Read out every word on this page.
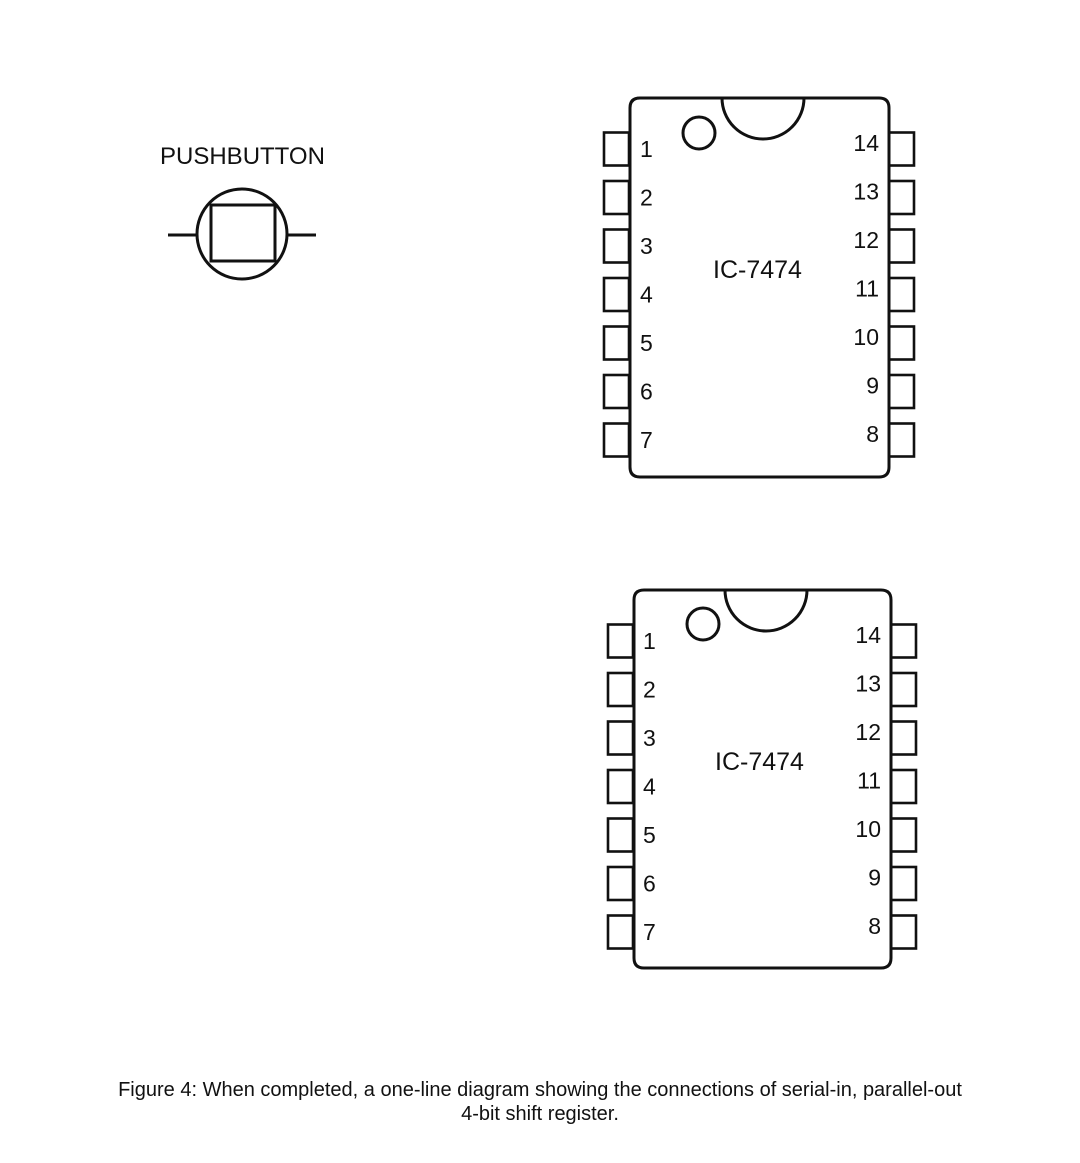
PUSHBUTTON
IC-7474
1
2
3
4
5
6
7
14
13
12
11
10
9
8
IC-7474
1
2
3
4
5
6
7
14
13
12
11
10
9
8
Figure 4: When completed, a one-line diagram showing the connections of serial-in, parallel-out
4-bit shift register.
